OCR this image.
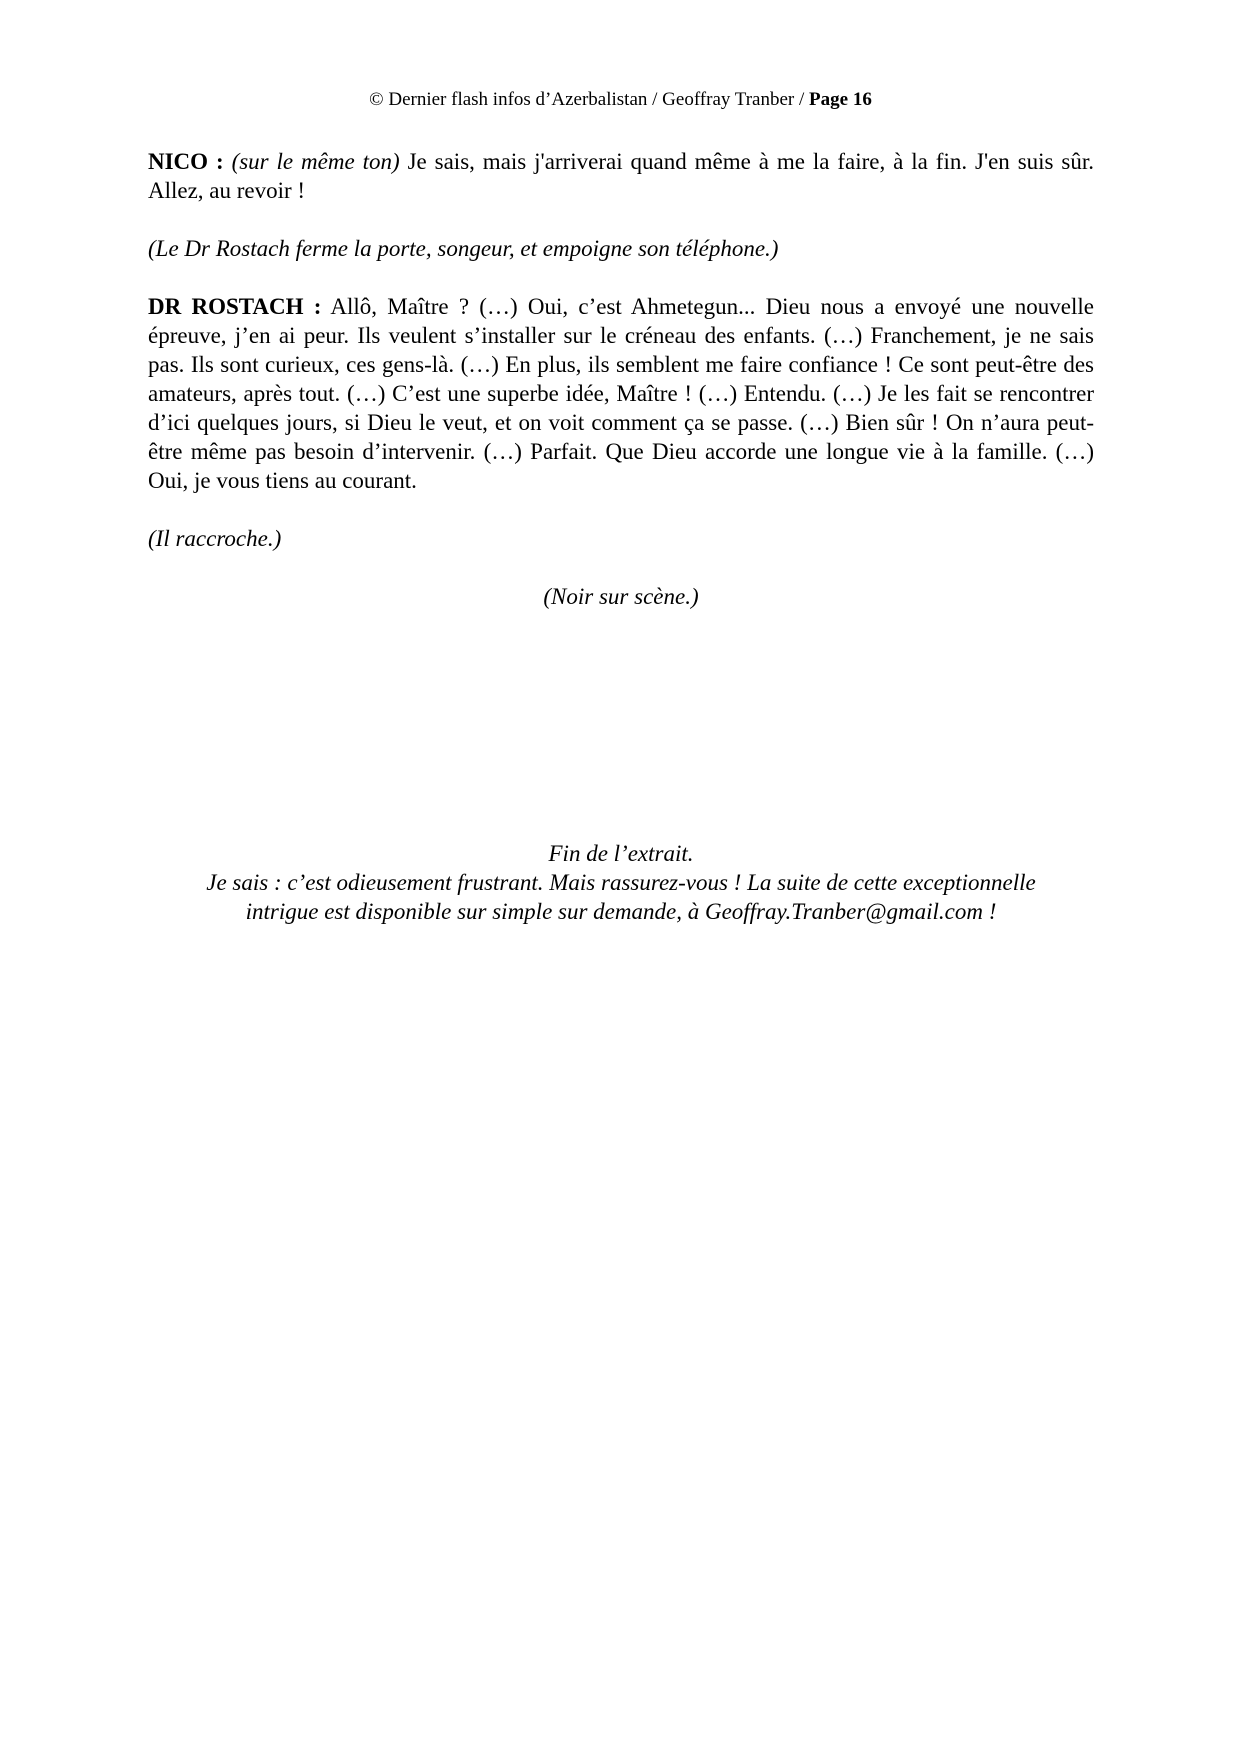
© Dernier flash infos d’Azerbalistan / Geoffray Tranber / Page 16

NICO : (sur le même ton) Je sais, mais j'arriverai quand même à me la faire, à la fin. J'en suis sûr. Allez, au revoir !

(Le Dr Rostach ferme la porte, songeur, et empoigne son téléphone.)

DR ROSTACH : Allô, Maître ? (…) Oui, c’est Ahmetegun... Dieu nous a envoyé une nouvelle épreuve, j’en ai peur. Ils veulent s’installer sur le créneau des enfants. (…) Franchement, je ne sais pas. Ils sont curieux, ces gens-là. (…) En plus, ils semblent me faire confiance ! Ce sont peut-être des amateurs, après tout. (…) C’est une superbe idée, Maître ! (…) Entendu. (…) Je les fait se rencontrer d’ici quelques jours, si Dieu le veut, et on voit comment ça se passe. (…) Bien sûr ! On n’aura peut-être même pas besoin d’intervenir. (…) Parfait. Que Dieu accorde une longue vie à la famille. (…) Oui, je vous tiens au courant.

(Il raccroche.)

(Noir sur scène.)

Fin de l’extrait.
Je sais : c’est odieusement frustrant. Mais rassurez-vous ! La suite de cette exceptionnelle
intrigue est disponible sur simple sur demande, à Geoffray.Tranber@gmail.com !
